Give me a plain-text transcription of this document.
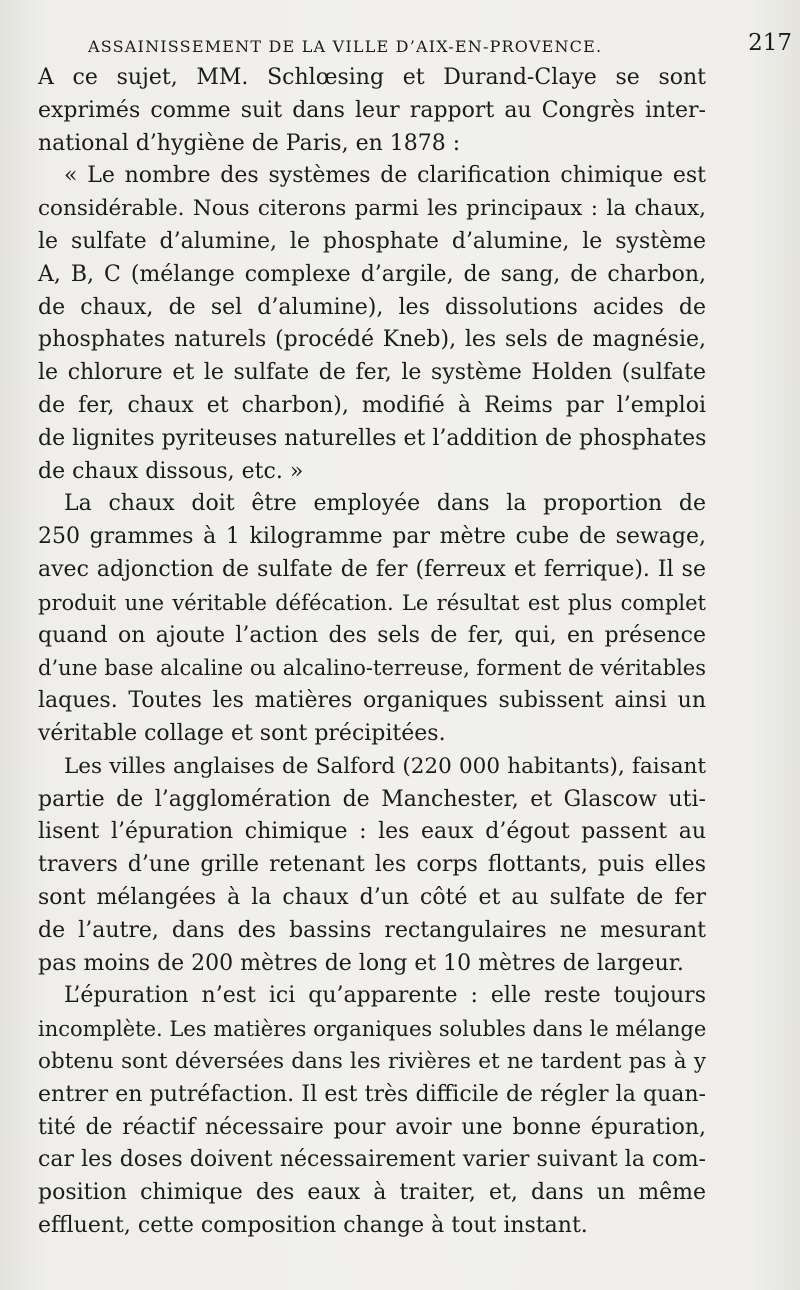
ASSAINISSEMENT DE LA VILLE D’AIX-EN-PROVENCE.	217
A ce sujet, MM. Schlœsing et Durand-Claye se sont
exprimés comme suit dans leur rapport au Congrès inter-
national d’hygiène de Paris, en 1878 :
« Le nombre des systèmes de clarification chimique est
considérable. Nous citerons parmi les principaux : la chaux,
le sulfate d’alumine, le phosphate d’alumine, le système
A, B, C (mélange complexe d’argile, de sang, de charbon,
de chaux, de sel d’alumine), les dissolutions acides de
phosphates naturels (procédé Kneb), les sels de magnésie,
le chlorure et le sulfate de fer, le système Holden (sulfate
de fer, chaux et charbon), modifié à Reims par l’emploi
de lignites pyriteuses naturelles et l’addition de phosphates
de chaux dissous, etc. »
La chaux doit être employée dans la proportion de
250 grammes à 1 kilogramme par mètre cube de sewage,
avec adjonction de sulfate de fer (ferreux et ferrique). Il se
produit une véritable défécation. Le résultat est plus complet
quand on ajoute l’action des sels de fer, qui, en présence
d’une base alcaline ou alcalino-terreuse, forment de véritables
laques. Toutes les matières organiques subissent ainsi un
véritable collage et sont précipitées.
Les villes anglaises de Salford (220 000 habitants), faisant
partie de l’agglomération de Manchester, et Glascow uti-
lisent l’épuration chimique : les eaux d’égout passent au
travers d’une grille retenant les corps flottants, puis elles
sont mélangées à la chaux d’un côté et au sulfate de fer
de l’autre, dans des bassins rectangulaires ne mesurant
pas moins de 200 mètres de long et 10 mètres de largeur.
L’épuration n’est ici qu’apparente : elle reste toujours
incomplète. Les matières organiques solubles dans le mélange
obtenu sont déversées dans les rivières et ne tardent pas à y
entrer en putréfaction. Il est très difficile de régler la quan-
tité de réactif nécessaire pour avoir une bonne épuration,
car les doses doivent nécessairement varier suivant la com-
position chimique des eaux à traiter, et, dans un même
effluent, cette composition change à tout instant.
